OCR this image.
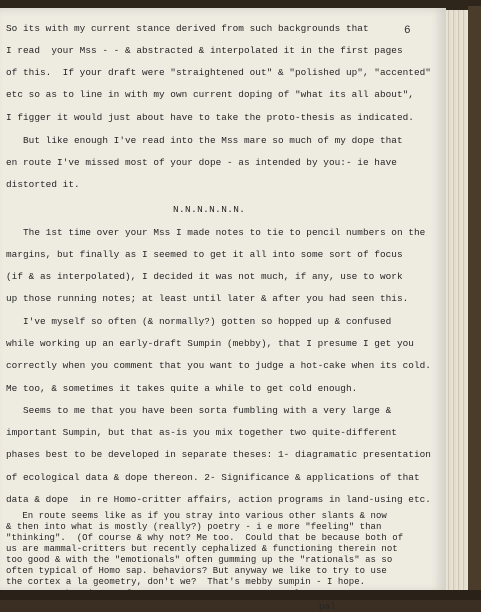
6
So its with my current stance derived from such backgrounds that
I read  your Mss - - & abstracted & interpolated it in the first pages
of this.  If your draft were "straightened out" & "polished up", "accented"
etc so as to line in with my own current doping of "what its all about",
I figger it would just about have to take the proto-thesis as indicated.
But like enough I've read into the Mss mare so much of my dope that
en route I've missed most of your dope - as intended by you:- ie have
distorted it.
N.N.N.N.N.N.
The 1st time over your Mss I made notes to tie to pencil numbers on the
margins, but finally as I seemed to get it all into some sort of focus
(if & as interpolated), I decided it was not much, if any, use to work
up those running notes; at least until later & after you had seen this.
I've myself so often (& normally?) gotten so hopped up & confused
while working up an early-draft Sumpin (mebby), that I presume I get you
correctly when you comment that you want to judge a hot-cake when its cold.
Me too, & sometimes it takes quite a while to get cold enough.
Seems to me that you have been sorta fumbling with a very large &
important Sumpin, but that as-is you mix together two quite-different
phases best to be developed in separate theses: 1- diagramatic presentation
of ecological data & dope thereon. 2- Significance & applications of that
data & dope  in re Homo-critter affairs, action programs in land-using etc.
En route seems like as if you stray into various other slants & now
& then into what is mostly (really?) poetry - i e more "feeling" than
"thinking".  (Of course & why not? Me too.  Could that be because both of
us are mammal-critters but recently cephalized & functioning therein not
too good & with the "emotionals" often gumming up the "rationals" as so
often typical of Homo sap. behaviors? But anyway we like to try to use
the cortex a la geometry, don't we?  That's mebby sumpin - I hope.
pal
